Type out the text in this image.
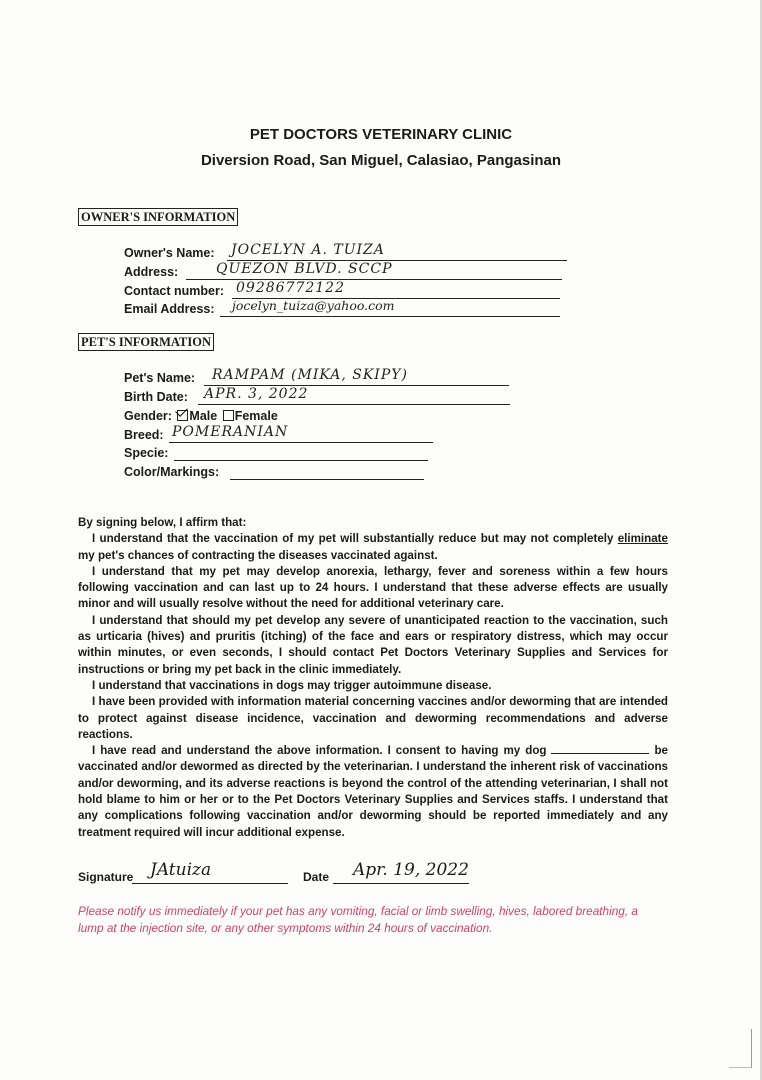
PET DOCTORS VETERINARY CLINIC
Diversion Road, San Miguel, Calasiao, Pangasinan
OWNER'S INFORMATION
Owner's Name: JOCELYN A. TUIZA
Address:	QUEZON BLVD. SCCP
Contact number: 09286772122
Email Address: jocelyn_tuiza@yahoo.com
PET'S INFORMATION
Pet's Name: RAMPAM (MIKA, SKIPY)
Birth Date: APR. 3, 2022
Gender: Male Female
Breed: POMERANIAN
Specie:
Color/Markings:

By signing below, I affirm that:

I understand that the vaccination of my pet will substantially reduce but may not completely eliminate my pet's chances of contracting the diseases vaccinated against.

I understand that my pet may develop anorexia, lethargy, fever and soreness within a few hours following vaccination and can last up to 24 hours. I understand that these adverse effects are usually minor and will usually resolve without the need for additional veterinary care.

I understand that should my pet develop any severe of unanticipated reaction to the vaccination, such as urticaria (hives) and pruritis (itching) of the face and ears or respiratory distress, which may occur within minutes, or even seconds, I should contact Pet Doctors Veterinary Supplies and Services for instructions or bring my pet back in the clinic immediately.

I understand that vaccinations in dogs may trigger autoimmune disease.

I have been provided with information material concerning vaccines and/or deworming that are intended to protect against disease incidence, vaccination and deworming recommendations and adverse reactions.

I have read and understand the above information. I consent to having my dog	be vaccinated and/or dewormed as directed by the veterinarian. I understand the inherent risk of vaccinations and/or deworming, and its adverse reactions is beyond the control of the attending veterinarian, I shall not hold blame to him or her or to the Pet Doctors Veterinary Supplies and Services staffs. I understand that any complications following vaccination and/or deworming should be reported immediately and any treatment required will incur additional expense.

Signature JAtuiza	Date Apr. 19, 2022
Please notify us immediately if your pet has any vomiting, facial or limb swelling, hives, labored breathing, a lump at the injection site, or any other symptoms within 24 hours of vaccination.
